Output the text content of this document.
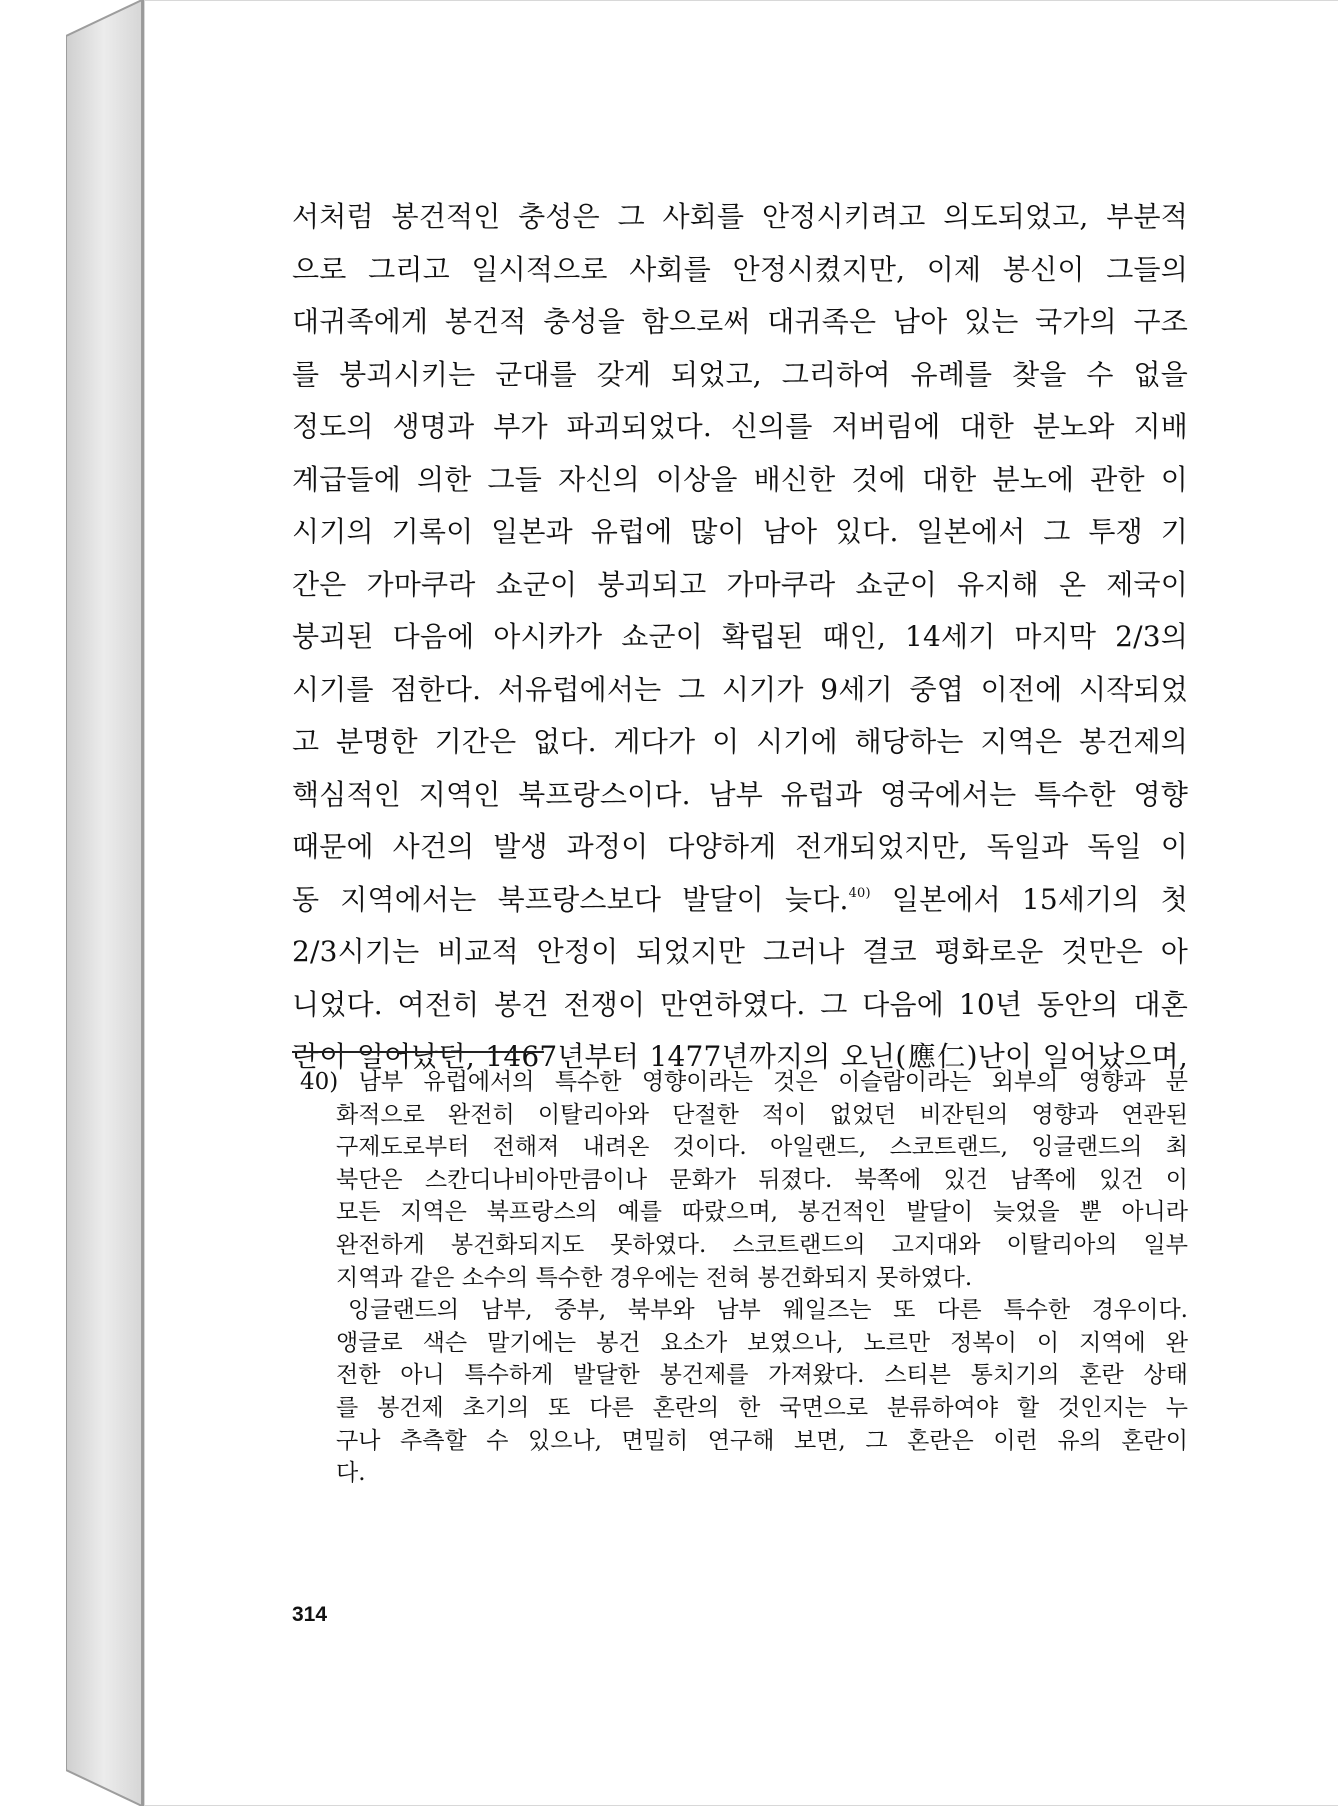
서처럼 봉건적인 충성은 그 사회를 안정시키려고 의도되었고, 부분적
으로 그리고 일시적으로 사회를 안정시켰지만, 이제 봉신이 그들의
대귀족에게 봉건적 충성을 함으로써 대귀족은 남아 있는 국가의 구조
를 붕괴시키는 군대를 갖게 되었고, 그리하여 유례를 찾을 수 없을
정도의 생명과 부가 파괴되었다. 신의를 저버림에 대한 분노와 지배
계급들에 의한 그들 자신의 이상을 배신한 것에 대한 분노에 관한 이
시기의 기록이 일본과 유럽에 많이 남아 있다. 일본에서 그 투쟁 기
간은 가마쿠라 쇼군이 붕괴되고 가마쿠라 쇼군이 유지해 온 제국이
붕괴된 다음에 아시카가 쇼군이 확립된 때인, 14세기 마지막 2/3의
시기를 점한다. 서유럽에서는 그 시기가 9세기 중엽 이전에 시작되었
고 분명한 기간은 없다. 게다가 이 시기에 해당하는 지역은 봉건제의
핵심적인 지역인 북프랑스이다. 남부 유럽과 영국에서는 특수한 영향
때문에 사건의 발생 과정이 다양하게 전개되었지만, 독일과 독일 이
동 지역에서는 북프랑스보다 발달이 늦다.$^{40)}$ 일본에서 15세기의 첫
2/3시기는 비교적 안정이 되었지만 그러나 결코 평화로운 것만은 아
니었다. 여전히 봉건 전쟁이 만연하였다. 그 다음에 10년 동안의 대혼
란이 일어났던, 1467년부터 1477년까지의 오닌(應仁)난이 일어났으며,
40) 남부 유럽에서의 특수한 영향이라는 것은 이슬람이라는 외부의 영향과 문
화적으로 완전히 이탈리아와 단절한 적이 없었던 비잔틴의 영향과 연관된
구제도로부터 전해져 내려온 것이다. 아일랜드, 스코트랜드, 잉글랜드의 최
북단은 스칸디나비아만큼이나 문화가 뒤졌다. 북쪽에 있건 남쪽에 있건 이
모든 지역은 북프랑스의 예를 따랐으며, 봉건적인 발달이 늦었을 뿐 아니라
완전하게 봉건화되지도 못하였다. 스코트랜드의 고지대와 이탈리아의 일부
지역과 같은 소수의 특수한 경우에는 전혀 봉건화되지 못하였다.
잉글랜드의 남부, 중부, 북부와 남부 웨일즈는 또 다른 특수한 경우이다.
앵글로 색슨 말기에는 봉건 요소가 보였으나, 노르만 정복이 이 지역에 완
전한 아니 특수하게 발달한 봉건제를 가져왔다. 스티븐 통치기의 혼란 상태
를 봉건제 초기의 또 다른 혼란의 한 국면으로 분류하여야 할 것인지는 누
구나 추측할 수 있으나, 면밀히 연구해 보면, 그 혼란은 이런 유의 혼란이
다.
314
